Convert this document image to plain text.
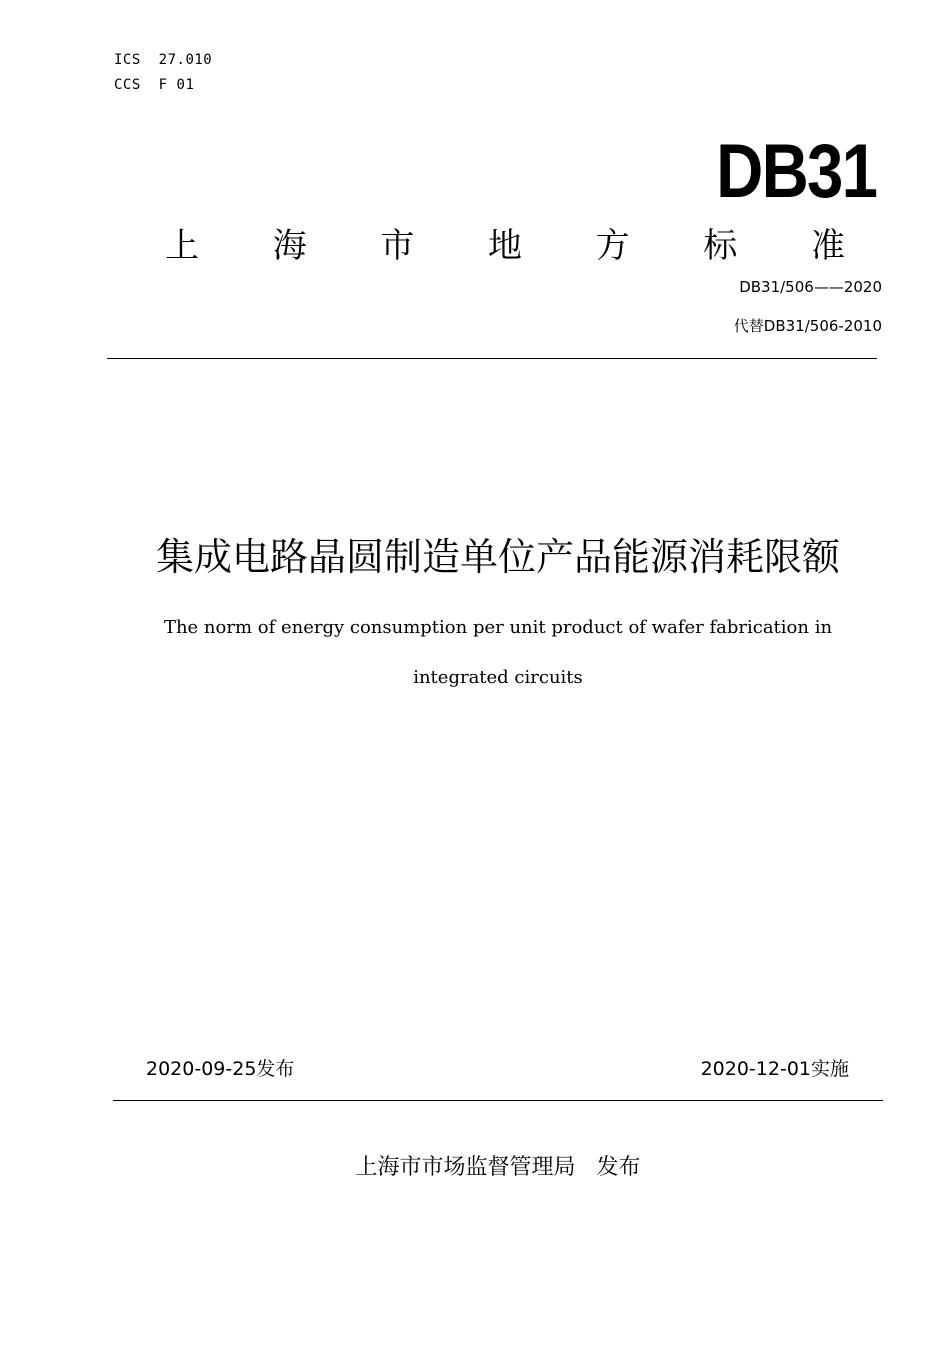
ICS 27.010
CCS F 01
DB31
上 海 市 地 方 标 准
DB31/506——2020
代替DB31/506-2010
集成电路晶圆制造单位产品能源消耗限额
The norm of energy consumption per unit product of wafer fabrication in
integrated circuits
2020-09-25发布	2020-12-01实施
上海市市场监督管理局 发布
